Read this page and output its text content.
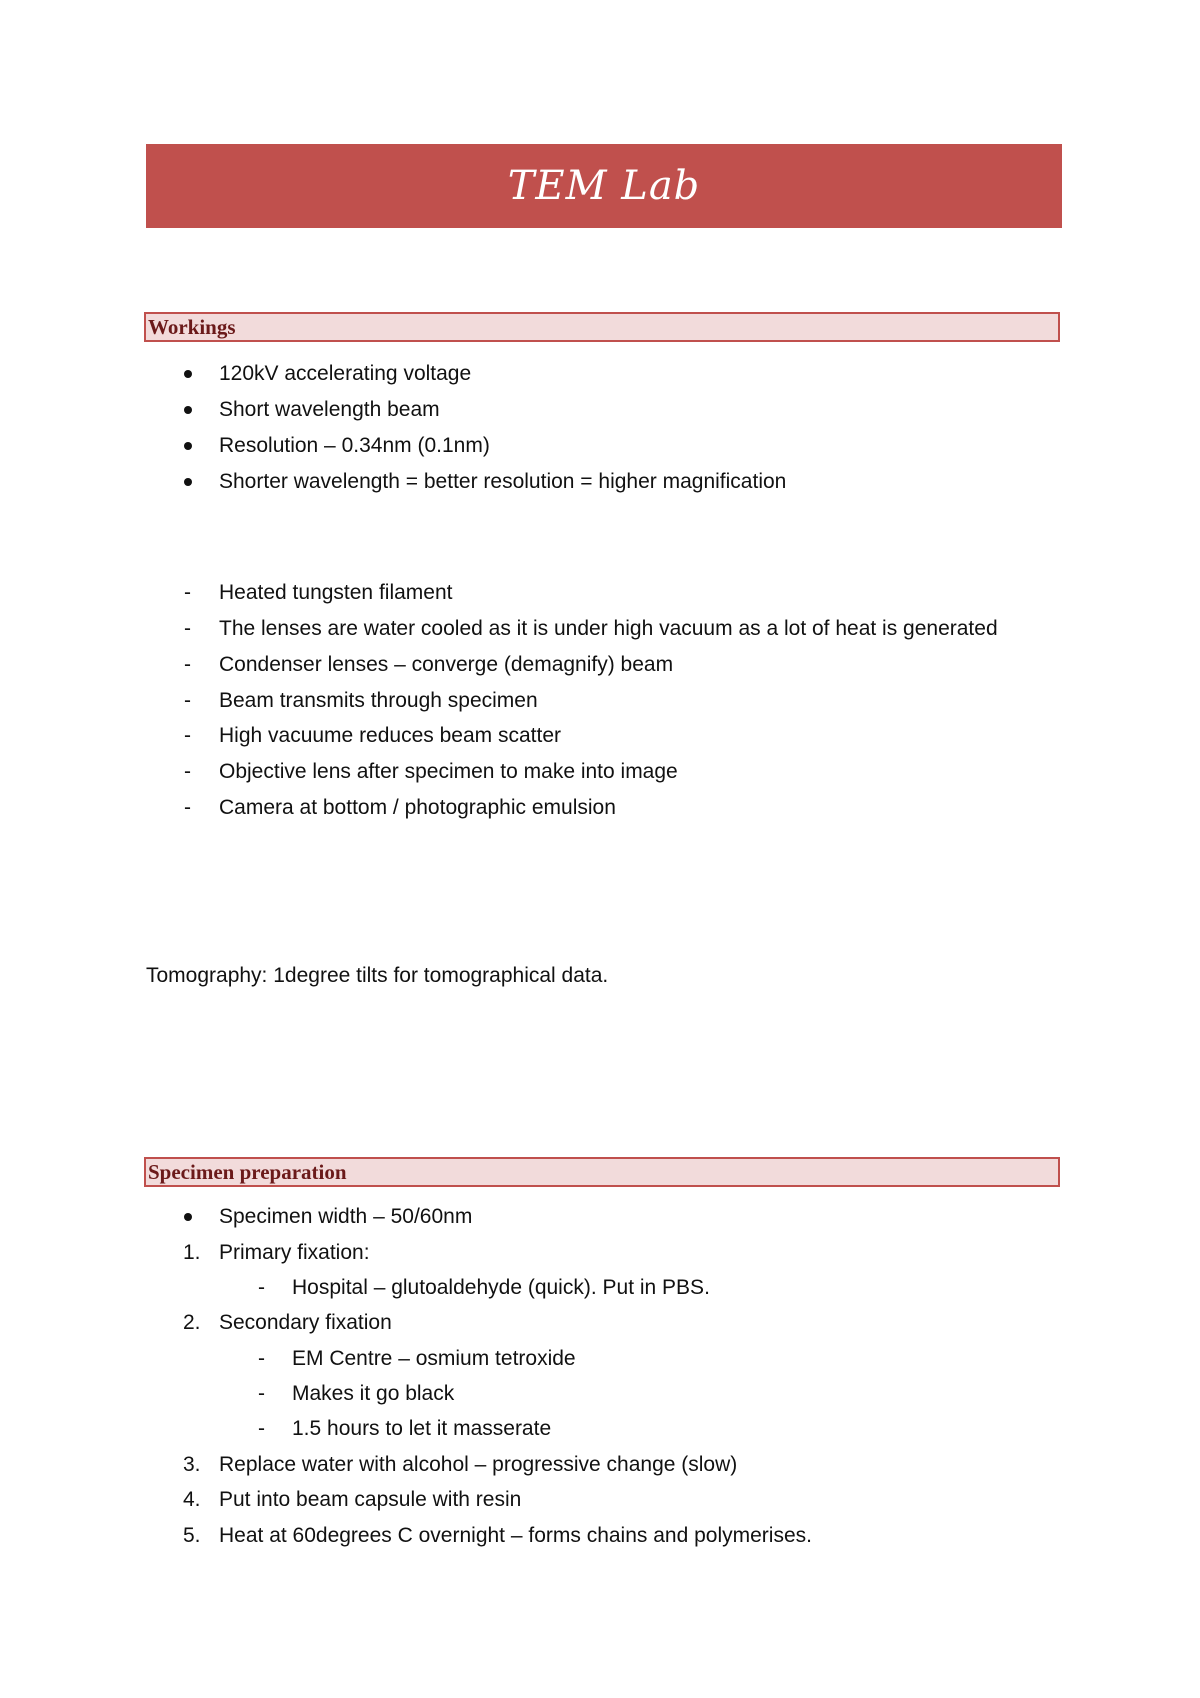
TEM Lab
Workings
120kV accelerating voltage
Short wavelength beam
Resolution – 0.34nm (0.1nm)
Shorter wavelength = better resolution = higher magnification
- Heated tungsten filament
- The lenses are water cooled as it is under high vacuum as a lot of heat is generated
- Condenser lenses – converge (demagnify) beam
- Beam transmits through specimen
- High vacuume reduces beam scatter
- Objective lens after specimen to make into image
- Camera at bottom / photographic emulsion
Tomography: 1degree tilts for tomographical data.
Specimen preparation
Specimen width – 50/60nm
1. Primary fixation:
- Hospital – glutoaldehyde (quick). Put in PBS.
2. Secondary fixation
- EM Centre – osmium tetroxide
- Makes it go black
- 1.5 hours to let it masserate
3. Replace water with alcohol – progressive change (slow)
4. Put into beam capsule with resin
5. Heat at 60degrees C overnight – forms chains and polymerises.
